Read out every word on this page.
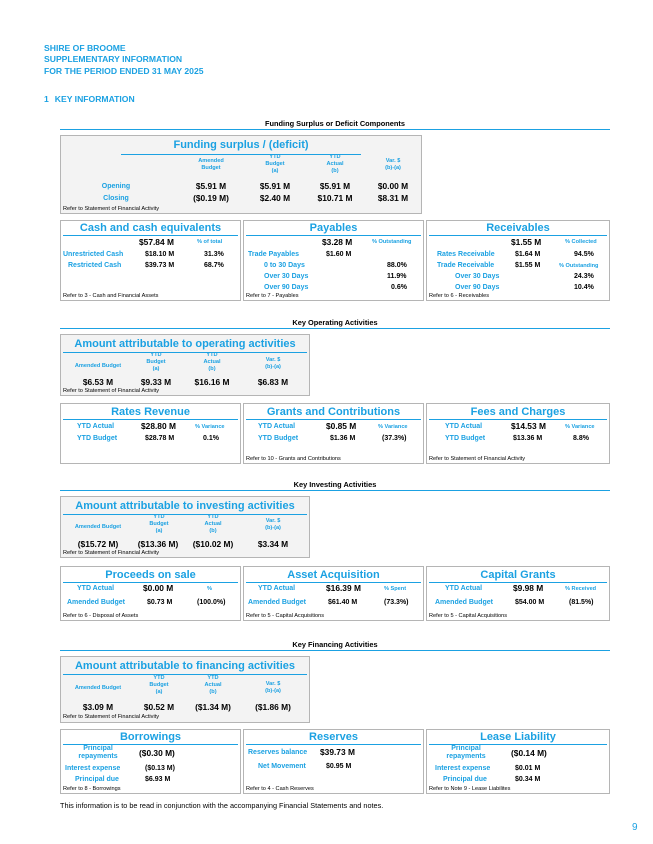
SHIRE OF BROOME
SUPPLEMENTARY INFORMATION
FOR THE PERIOD ENDED 31 MAY 2025
1 KEY INFORMATION
Funding Surplus or Deficit Components
Funding surplus / (deficit)
Amended
Budget
YTD
Budget
(a)
YTD
Actual
(b)
Var. $
(b)-(a)
Opening	$5.91 M	$5.91 M	$5.91 M	$0.00 M
Closing	($0.19 M)	$2.40 M	$10.71 M	$8.31 M
Refer to Statement of Financial Activity
Cash and cash equivalents
$57.84 M	% of total
Unrestricted Cash	$18.10 M	31.3%
Restricted Cash	$39.73 M	68.7%
Refer to 3 - Cash and Financial Assets
Payables
$3.28 M	% Outstanding
Trade Payables	$1.60 M
0 to 30 Days	88.0%
Over 30 Days	11.9%
Over 90 Days	0.6%
Refer to 7 - Payables
Receivables
$1.55 M	% Collected
Rates Receivable	$1.64 M	94.5%
Trade Receivable	$1.55 M	% Outstanding
Over 30 Days	24.3%
Over 90 Days	10.4%
Refer to 6 - Receivables
Key Operating Activities
Amount attributable to operating activities
Amended Budget
YTD
Budget
(a)
YTD
Actual
(b)
Var. $
(b)-(a)
$6.53 M	$9.33 M	$16.16 M	$6.83 M
Refer to Statement of Financial Activity
Rates Revenue
YTD Actual	$28.80 M	% Variance
YTD Budget	$28.78 M	0.1%
Grants and Contributions
YTD Actual	$0.85 M	% Variance
YTD Budget	$1.36 M	(37.3%)
Refer to 10 - Grants and Contributions
Fees and Charges
YTD Actual	$14.53 M	% Variance
YTD Budget	$13.36 M	8.8%
Refer to Statement of Financial Activity
Key Investing Activities
Amount attributable to investing activities
Amended Budget
YTD
Budget
(a)
YTD
Actual
(b)
Var. $
(b)-(a)
($15.72 M)	($13.36 M)	($10.02 M)	$3.34 M
Refer to Statement of Financial Activity
Proceeds on sale
YTD Actual	$0.00 M	%
Amended Budget	$0.73 M	(100.0%)
Refer to 6 - Disposal of Assets
Asset Acquisition
YTD Actual	$16.39 M	% Spent
Amended Budget	$61.40 M	(73.3%)
Refer to 5 - Capital Acquisitions
Capital Grants
YTD Actual	$9.98 M	% Received
Amended Budget	$54.00 M	(81.5%)
Refer to 5 - Capital Acquisitions
Key Financing Activities
Amount attributable to financing activities
Amended Budget
YTD
Budget
(a)
YTD
Actual
(b)
Var. $
(b)-(a)
$3.09 M	$0.52 M	($1.34 M)	($1.86 M)
Refer to Statement of Financial Activity
Borrowings
Principal
repayments	($0.30 M)
Interest expense	($0.13 M)
Principal due	$6.93 M
Refer to 8 - Borrowings
Reserves
Reserves balance $39.73 M
Net Movement	$0.95 M
Refer to 4 - Cash Reserves
Lease Liability
Principal
repayments	($0.14 M)
Interest expense	$0.01 M
Principal due	$0.34 M
Refer to Note 9 - Lease Liabilites
This information is to be read in conjunction with the accompanying Financial Statements and notes.
9
